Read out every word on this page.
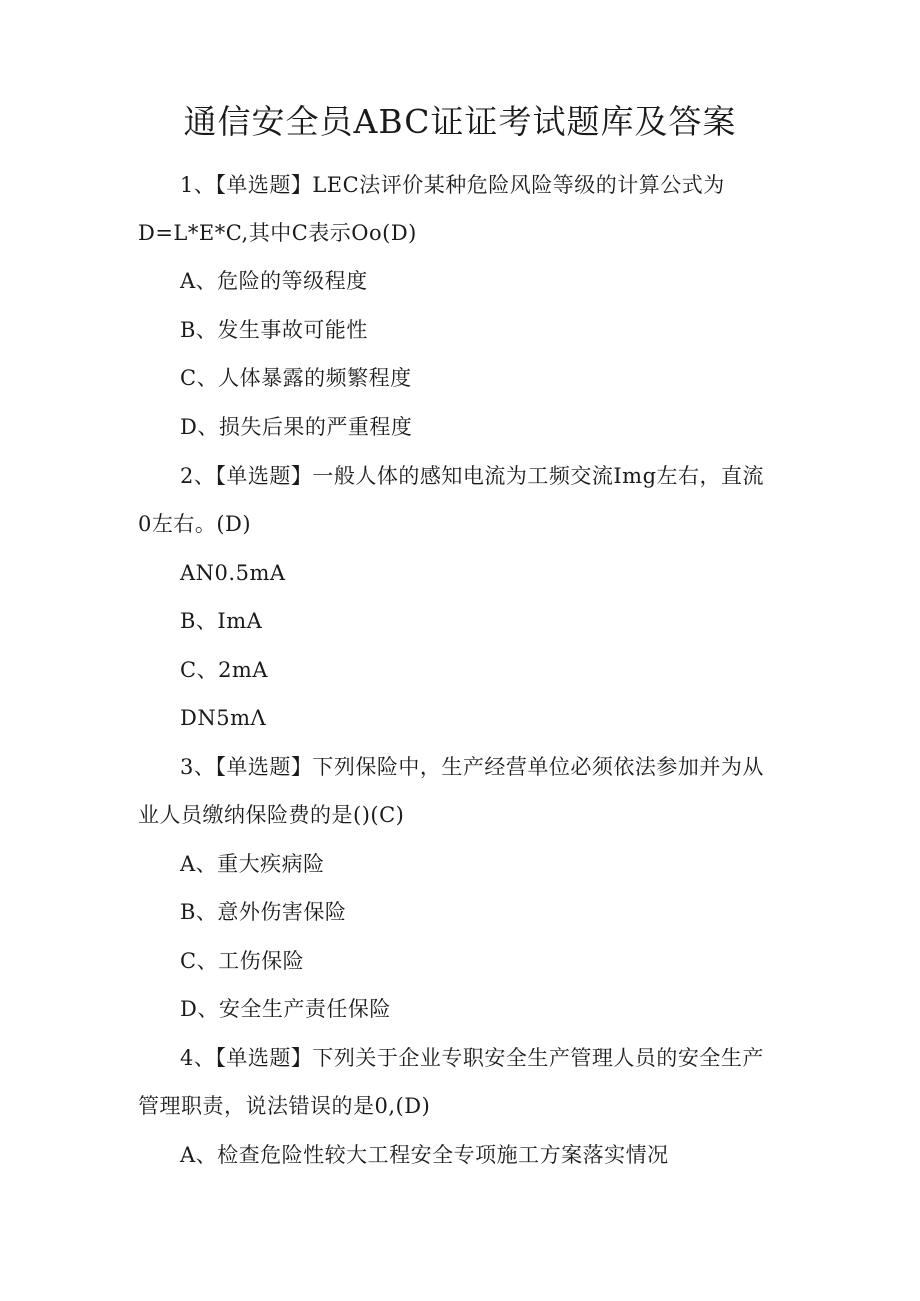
通信安全员ABC证证考试题库及答案
1、【单选题】LEC法评价某种危险风险等级的计算公式为
D=L*E*C,其中C表示Oo(D)
A、危险的等级程度
B、发生事故可能性
C、人体暴露的频繁程度
D、损失后果的严重程度
2、【单选题】一般人体的感知电流为工频交流Img左右，直流
0左右。(D)
AN0.5mA
B、ImA
C、2mA
DN5mΛ
3、【单选题】下列保险中，生产经营单位必须依法参加并为从
业人员缴纳保险费的是()(C)
A、重大疾病险
B、意外伤害保险
C、工伤保险
D、安全生产责任保险
4、【单选题】下列关于企业专职安全生产管理人员的安全生产
管理职责，说法错误的是0,(D)
A、检查危险性较大工程安全专项施工方案落实情况
